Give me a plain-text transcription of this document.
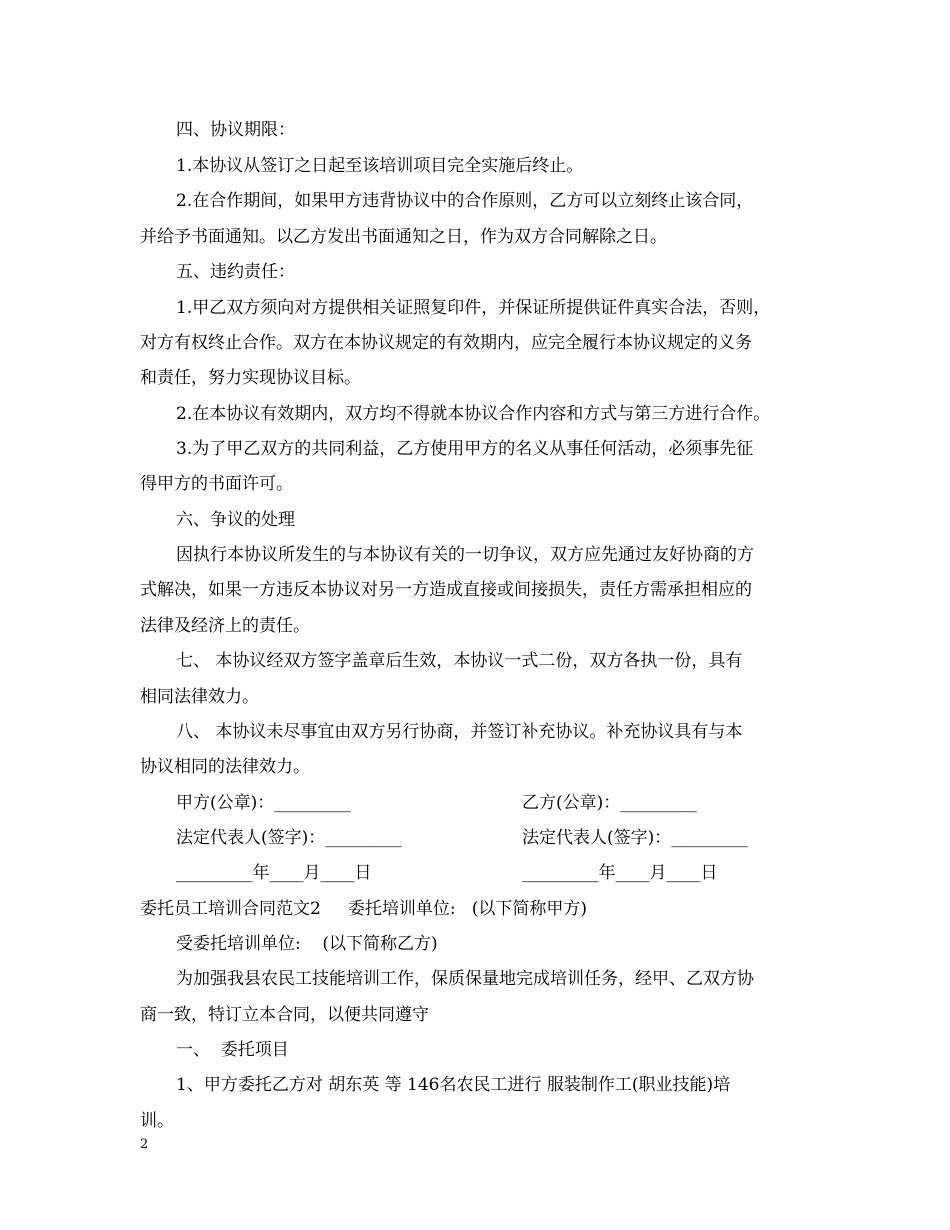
四、协议期限：
1.本协议从签订之日起至该培训项目完全实施后终止。
2.在合作期间，如果甲方违背协议中的合作原则，乙方可以立刻终止该合同，
并给予书面通知。以乙方发出书面通知之日，作为双方合同解除之日。
五、违约责任：
1.甲乙双方须向对方提供相关证照复印件，并保证所提供证件真实合法，否则，
对方有权终止合作。双方在本协议规定的有效期内，应完全履行本协议规定的义务
和责任，努力实现协议目标。
2.在本协议有效期内，双方均不得就本协议合作内容和方式与第三方进行合作。
3.为了甲乙双方的共同利益，乙方使用甲方的名义从事任何活动，必须事先征
得甲方的书面许可。
六、争议的处理
因执行本协议所发生的与本协议有关的一切争议，双方应先通过友好协商的方
式解决，如果一方违反本协议对另一方造成直接或间接损失，责任方需承担相应的
法律及经济上的责任。
七、 本协议经双方签字盖章后生效，本协议一式二份，双方各执一份，具有
相同法律效力。
八、 本协议未尽事宜由双方另行协商，并签订补充协议。补充协议具有与本
协议相同的法律效力。
甲方(公章)：_________	乙方(公章)：_________
法定代表人(签字)：_________	法定代表人(签字)：_________
_________年____月____日	_________年____月____日
委托员工培训合同范文2     委托培训单位:   (以下简称甲方)
受委托培训单位:    (以下简称乙方)
为加强我县农民工技能培训工作，保质保量地完成培训任务，经甲、乙双方协
商一致，特订立本合同，以便共同遵守
一、  委托项目
1、甲方委托乙方对 胡东英 等 146名农民工进行 服装制作工(职业技能)培
训。
2
